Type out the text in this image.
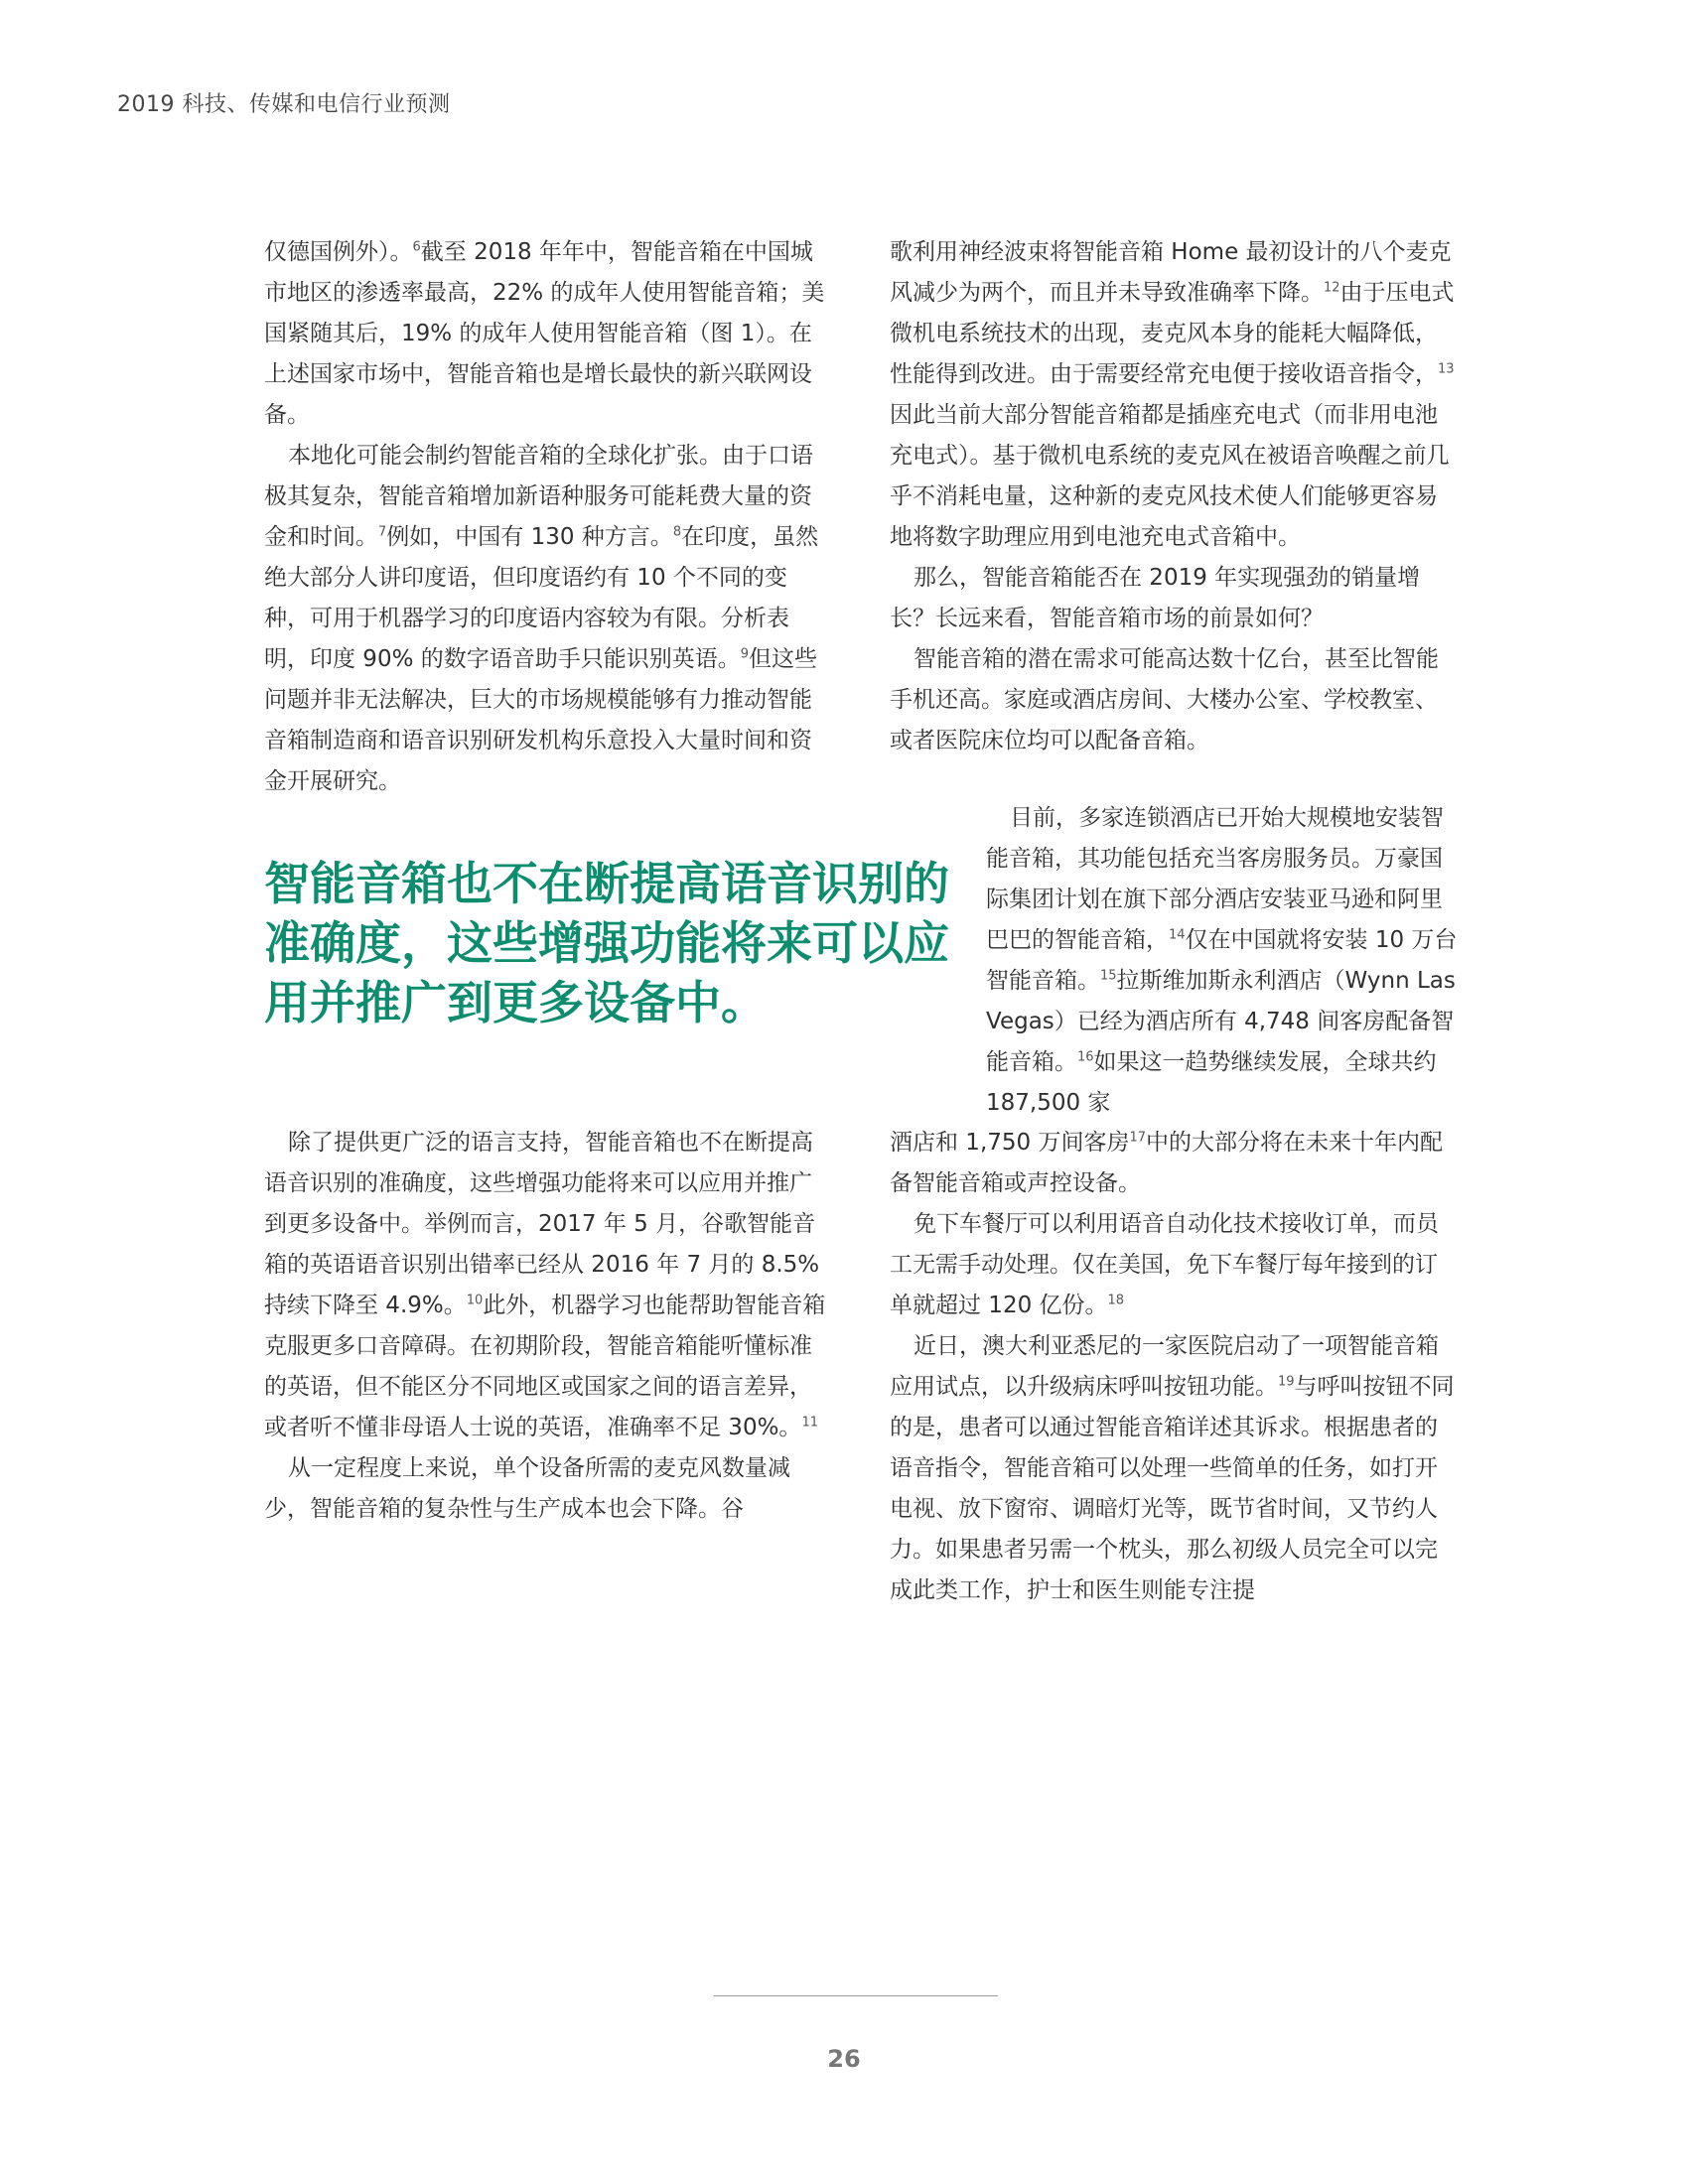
2019 科技、传媒和电信行业预测

仅德国例外）。$^6$截至 2018 年年中，智能音箱在中国城市地区的渗透率最高，22% 的成年人使用智能音箱；美国紧随其后，19% 的成年人使用智能音箱（图 1）。在上述国家市场中，智能音箱也是增长最快的新兴联网设备。

本地化可能会制约智能音箱的全球化扩张。由于口语极其复杂，智能音箱增加新语种服务可能耗费大量的资金和时间。$^7$例如，中国有 130 种方言。$^8$在印度，虽然绝大部分人讲印度语，但印度语约有 10 个不同的变种，可用于机器学习的印度语内容较为有限。分析表明，印度 90% 的数字语音助手只能识别英语。$^9$但这些问题并非无法解决，巨大的市场规模能够有力推动智能音箱制造商和语音识别研发机构乐意投入大量时间和资金开展研究。

智能音箱也不在断提高语音识别的准确度，这些增强功能将来可以应用并推广到更多设备中。

除了提供更广泛的语言支持，智能音箱也不在断提高语音识别的准确度，这些增强功能将来可以应用并推广到更多设备中。举例而言，2017 年 5 月，谷歌智能音箱的英语语音识别出错率已经从 2016 年 7 月的 8.5% 持续下降至 4.9%。$^{10}$此外，机器学习也能帮助智能音箱克服更多口音障碍。在初期阶段，智能音箱能听懂标准的英语，但不能区分不同地区或国家之间的语言差异，或者听不懂非母语人士说的英语，准确率不足 30%。$^{11}$

从一定程度上来说，单个设备所需的麦克风数量减少，智能音箱的复杂性与生产成本也会下降。谷

歌利用神经波束将智能音箱 Home 最初设计的八个麦克风减少为两个，而且并未导致准确率下降。$^{12}$由于压电式微机电系统技术的出现，麦克风本身的能耗大幅降低，性能得到改进。由于需要经常充电便于接收语音指令，$^{13}$因此当前大部分智能音箱都是插座充电式（而非用电池充电式）。基于微机电系统的麦克风在被语音唤醒之前几乎不消耗电量，这种新的麦克风技术使人们能够更容易地将数字助理应用到电池充电式音箱中。

那么，智能音箱能否在 2019 年实现强劲的销量增长？长远来看，智能音箱市场的前景如何？

智能音箱的潜在需求可能高达数十亿台，甚至比智能手机还高。家庭或酒店房间、大楼办公室、学校教室、或者医院床位均可以配备音箱。

目前，多家连锁酒店已开始大规模地安装智能音箱，其功能包括充当客房服务员。万豪国际集团计划在旗下部分酒店安装亚马逊和阿里巴巴的智能音箱，$^{14}$仅在中国就将安装 10 万台智能音箱。$^{15}$拉斯维加斯永利酒店（Wynn Las Vegas）已经为酒店所有 4,748 间客房配备智能音箱。$^{16}$如果这一趋势继续发展，全球共约 187,500 家

酒店和 1,750 万间客房$^{17}$中的大部分将在未来十年内配备智能音箱或声控设备。

免下车餐厅可以利用语音自动化技术接收订单，而员工无需手动处理。仅在美国，免下车餐厅每年接到的订单就超过 120 亿份。$^{18}$

近日，澳大利亚悉尼的一家医院启动了一项智能音箱应用试点，以升级病床呼叫按钮功能。$^{19}$与呼叫按钮不同的是，患者可以通过智能音箱详述其诉求。根据患者的语音指令，智能音箱可以处理一些简单的任务，如打开电视、放下窗帘、调暗灯光等，既节省时间，又节约人力。如果患者另需一个枕头，那么初级人员完全可以完成此类工作，护士和医生则能专注提

26
